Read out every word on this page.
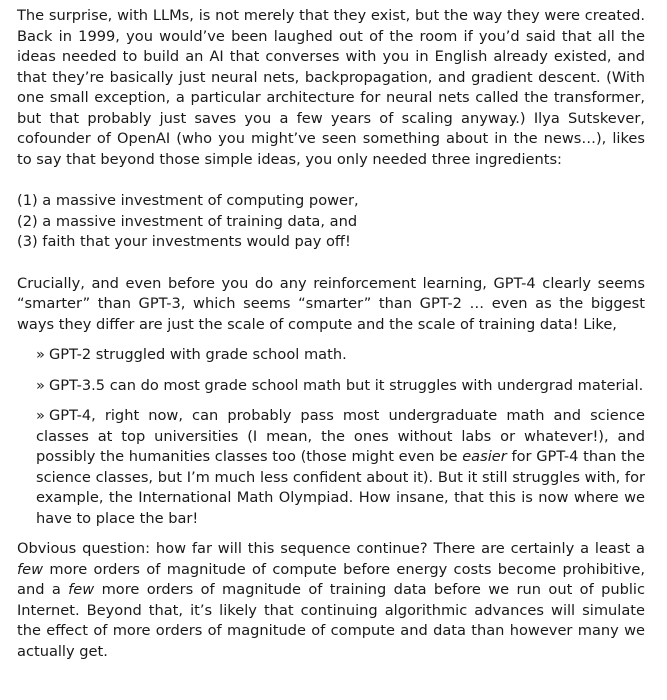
The surprise, with LLMs, is not merely that they exist, but the way they were created. Back in 1999, you would’ve been laughed out of the room if you’d said that all the ideas needed to build an AI that converses with you in English already existed, and that they’re basically just neural nets, backpropagation, and gradient descent. (With one small exception, a particular architecture for neural nets called the transformer, but that probably just saves you a few years of scaling anyway.) Ilya Sutskever, cofounder of OpenAI (who you might’ve seen something about in the news…), likes to say that beyond those simple ideas, you only needed three ingredients:

(1) a massive investment of computing power,
(2) a massive investment of training data, and
(3) faith that your investments would pay off!

Crucially, and even before you do any reinforcement learning, GPT-4 clearly seems “smarter” than GPT-3, which seems “smarter” than GPT-2 … even as the biggest ways they differ are just the scale of compute and the scale of training data! Like,

» GPT-2 struggled with grade school math.
» GPT-3.5 can do most grade school math but it struggles with undergrad material.
» GPT-4, right now, can probably pass most undergraduate math and science classes at top universities (I mean, the ones without labs or whatever!), and possibly the humanities classes too (those might even be easier for GPT-4 than the science classes, but I’m much less confident about it). But it still struggles with, for example, the International Math Olympiad. How insane, that this is now where we have to place the bar!

Obvious question: how far will this sequence continue? There are certainly a least a few more orders of magnitude of compute before energy costs become prohibitive, and a few more orders of magnitude of training data before we run out of public Internet. Beyond that, it’s likely that continuing algorithmic advances will simulate the effect of more orders of magnitude of compute and data than however many we actually get.
